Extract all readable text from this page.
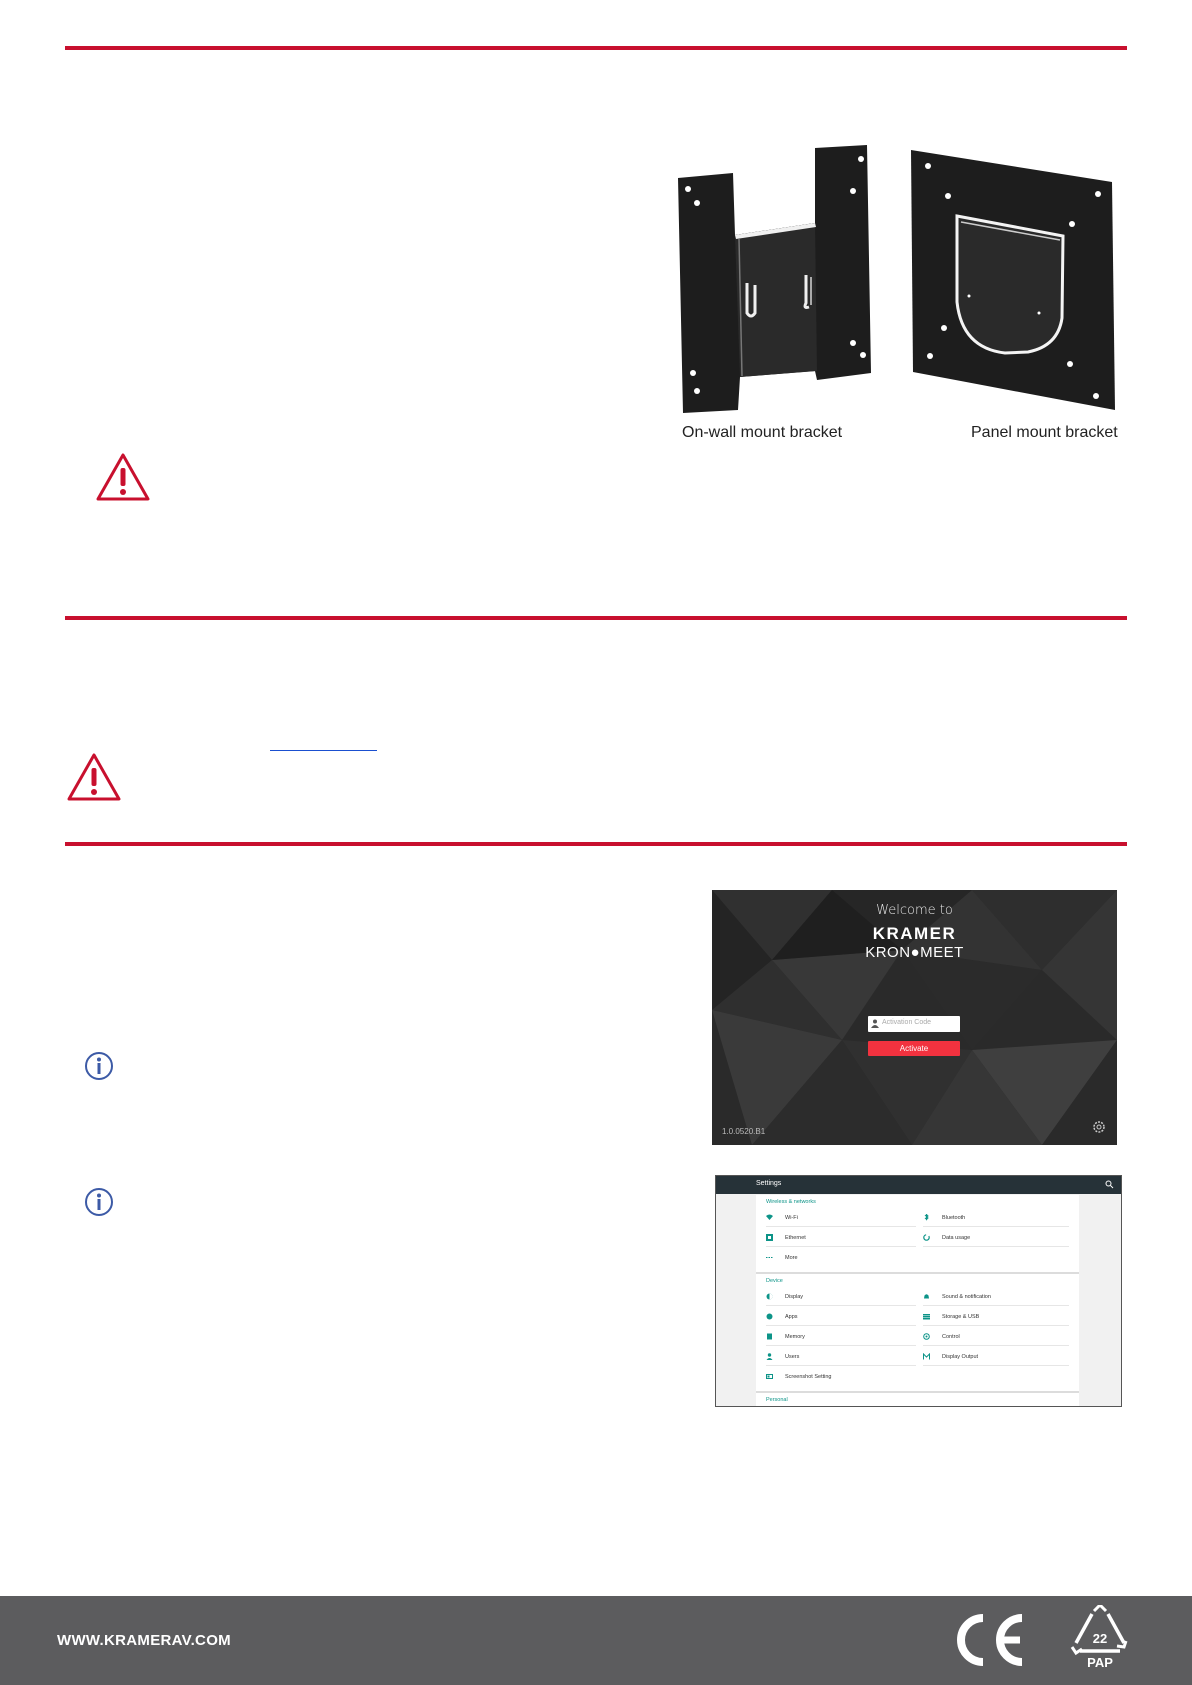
On-wall mount bracket	Panel mount bracket
Welcome to
KRAMER
KRON●MEET
Activation Code
Activate
1.0.0520.B1
Settings
Wireless & networks
Wi-Fi	Bluetooth
Ethernet	Data usage
More
Device
Display	Sound & notification
Apps	Storage & USB
Memory	Control
Users	Display Output
Screenshot Setting
Personal
WWW.KRAMERAV.COM	22
PAP
